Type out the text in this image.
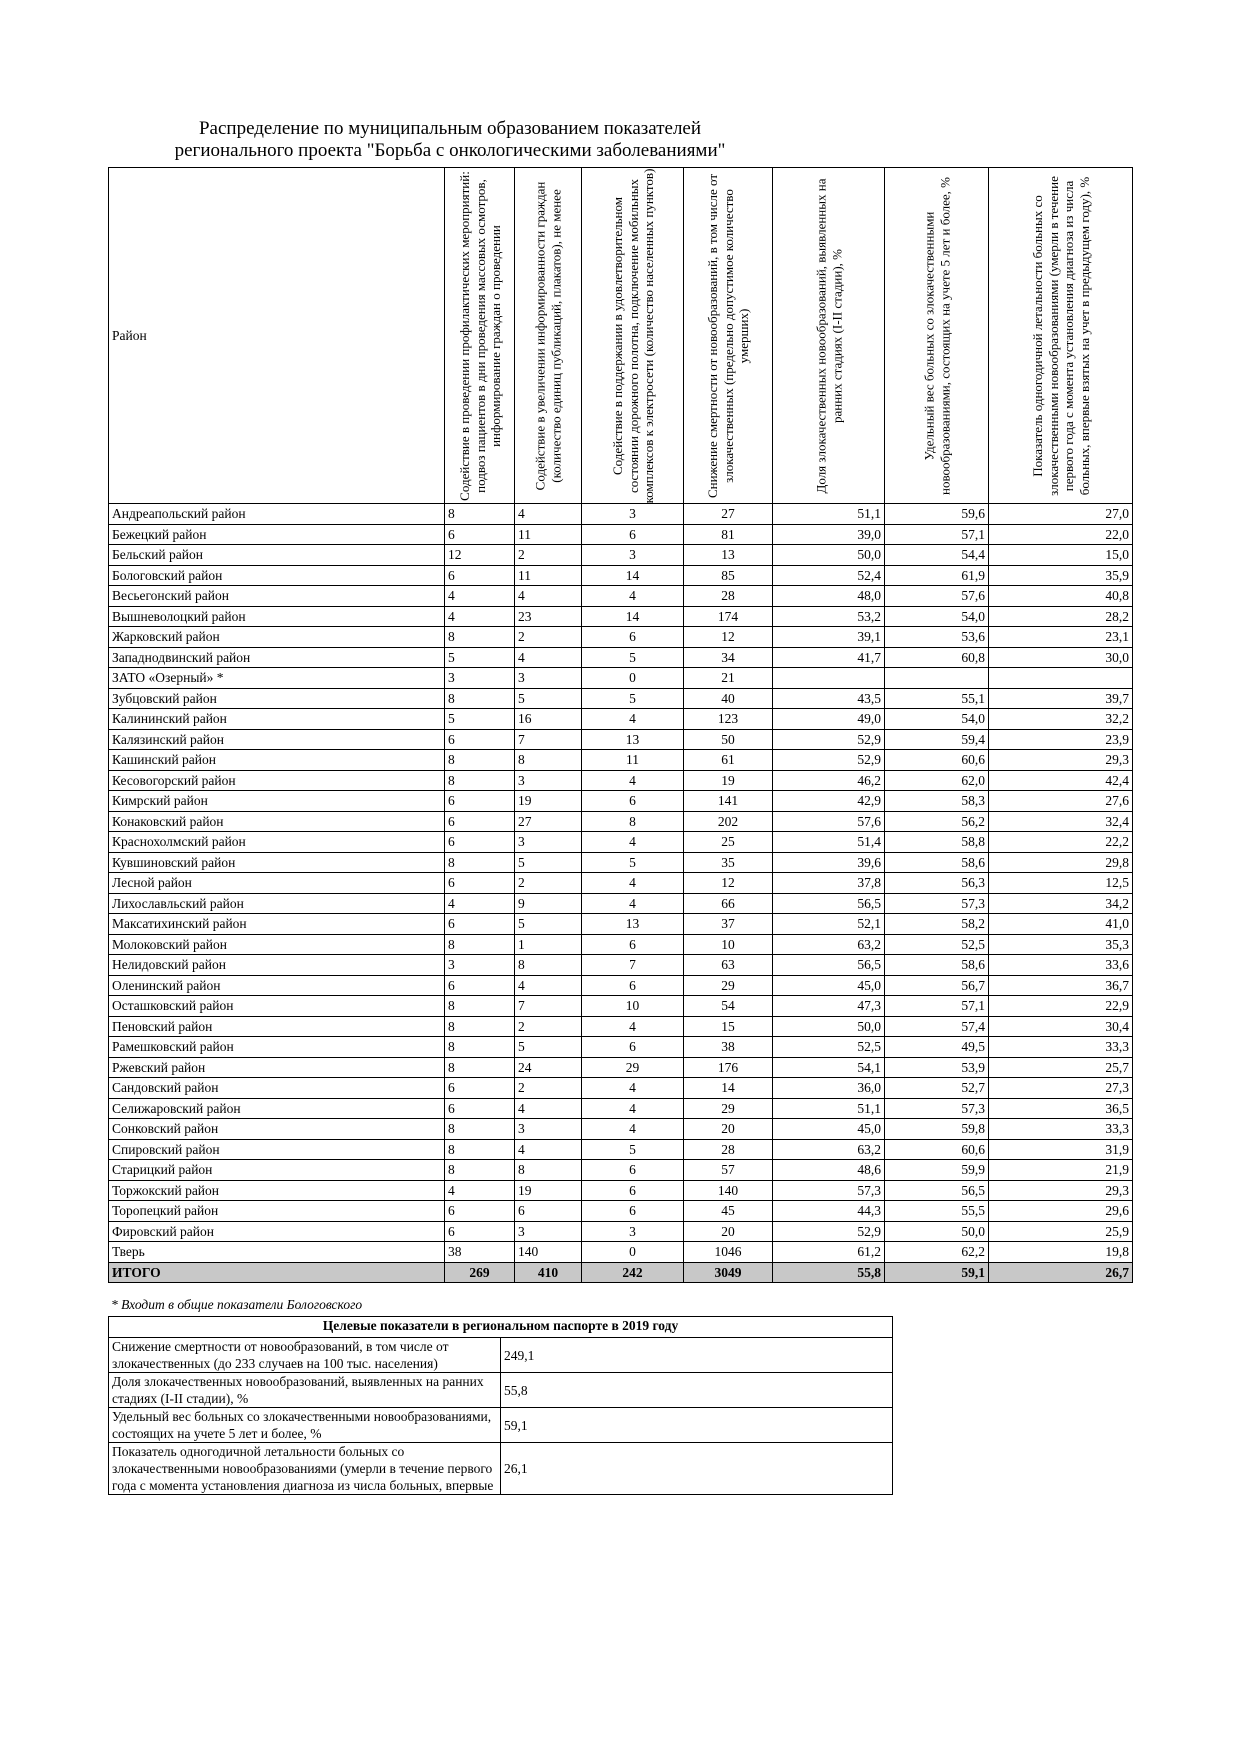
Распределение по муниципальным образованием показателей
регионального проекта "Борьба с онкологическими заболеваниями"
Район	Содействие в проведении профилактических мероприятий: подвоз пациентов в дни проведения массовых осмотров, информирование граждан о проведении	Содействие в увеличении информированности граждан (количество единиц публикаций, плакатов), не менее	Содействие в поддержании в удовлетворительном состоянии дорожного полотна, подключение мобильных комплексов к электросети (количество населенных пунктов)	Снижение смертности от новообразований, в том числе от злокачественных (предельно допустимое количество умерших)	Доля злокачественных новообразований, выявленных на ранних стадиях (I-II стадии), %	Удельный вес больных со злокачественными новообразованиями, состоящих на учете 5 лет и более, %	Показатель одногодичной летальности больных со злокачественными новообразованиями (умерли в течение первого года с момента установления диагноза из числа больных, впервые взятых на учет в предыдущем году), %

Андреапольский район	8	4	3	27	51,1	59,6	27,0
Бежецкий район	6	11	6	81	39,0	57,1	22,0
Бельский район	12	2	3	13	50,0	54,4	15,0
Бологовский район	6	11	14	85	52,4	61,9	35,9
Весьегонский район	4	4	4	28	48,0	57,6	40,8
Вышневолоцкий район	4	23	14	174	53,2	54,0	28,2
Жарковский район	8	2	6	12	39,1	53,6	23,1
Западнодвинский район	5	4	5	34	41,7	60,8	30,0
ЗАТО «Озерный» *	3	3	0	21			
Зубцовский район	8	5	5	40	43,5	55,1	39,7
Калининский район	5	16	4	123	49,0	54,0	32,2
Калязинский район	6	7	13	50	52,9	59,4	23,9
Кашинский район	8	8	11	61	52,9	60,6	29,3
Кесовогорский район	8	3	4	19	46,2	62,0	42,4
Кимрский район	6	19	6	141	42,9	58,3	27,6
Конаковский район	6	27	8	202	57,6	56,2	32,4
Краснохолмский район	6	3	4	25	51,4	58,8	22,2
Кувшиновский район	8	5	5	35	39,6	58,6	29,8
Лесной район	6	2	4	12	37,8	56,3	12,5
Лихославльский район	4	9	4	66	56,5	57,3	34,2
Максатихинский район	6	5	13	37	52,1	58,2	41,0
Молоковский район	8	1	6	10	63,2	52,5	35,3
Нелидовский район	3	8	7	63	56,5	58,6	33,6
Оленинский район	6	4	6	29	45,0	56,7	36,7
Осташковский район	8	7	10	54	47,3	57,1	22,9
Пеновский район	8	2	4	15	50,0	57,4	30,4
Рамешковский район	8	5	6	38	52,5	49,5	33,3
Ржевский район	8	24	29	176	54,1	53,9	25,7
Сандовский район	6	2	4	14	36,0	52,7	27,3
Селижаровский район	6	4	4	29	51,1	57,3	36,5
Сонковский район	8	3	4	20	45,0	59,8	33,3
Спировский район	8	4	5	28	63,2	60,6	31,9
Старицкий район	8	8	6	57	48,6	59,9	21,9
Торжокский район	4	19	6	140	57,3	56,5	29,3
Торопецкий район	6	6	6	45	44,3	55,5	29,6
Фировский район	6	3	3	20	52,9	50,0	25,9
Тверь	38	140	0	1046	61,2	62,2	19,8
ИТОГО	269	410	242	3049	55,8	59,1	26,7
* Входит в общие показатели Бологовского
Целевые показатели в региональном паспорте в 2019 году	
Снижение смертности от новообразований, в том числе от злокачественных (до 233 случаев на 100 тыс. населения)	249,1
Доля злокачественных новообразований, выявленных на ранних стадиях (I-II стадии), %	55,8
Удельный вес больных со злокачественными новообразованиями, состоящих на учете 5 лет и более, %	59,1
Показатель одногодичной летальности больных со злокачественными новообразованиями (умерли в течение первого года с момента установления диагноза из числа больных, впервые	26,1
